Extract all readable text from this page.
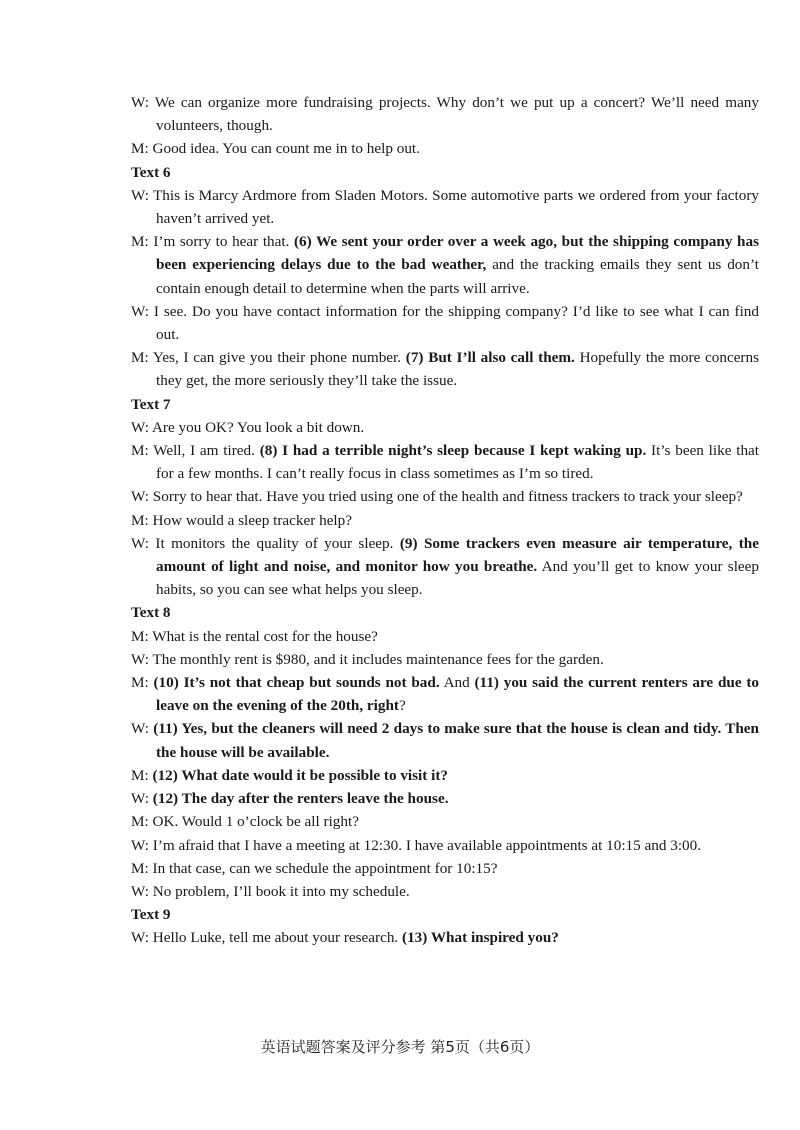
W: We can organize more fundraising projects. Why don’t we put up a concert? We’ll need many volunteers, though.

M: Good idea. You can count me in to help out.

Text 6

W: This is Marcy Ardmore from Sladen Motors. Some automotive parts we ordered from your factory haven’t arrived yet.

M: I’m sorry to hear that. (6) We sent your order over a week ago, but the shipping company has been experiencing delays due to the bad weather, and the tracking emails they sent us don’t contain enough detail to determine when the parts will arrive.

W: I see. Do you have contact information for the shipping company? I’d like to see what I can find out.

M: Yes, I can give you their phone number. (7) But I’ll also call them. Hopefully the more concerns they get, the more seriously they’ll take the issue.

Text 7

W: Are you OK? You look a bit down.

M: Well, I am tired. (8) I had a terrible night’s sleep because I kept waking up. It’s been like that for a few months. I can’t really focus in class sometimes as I’m so tired.

W: Sorry to hear that. Have you tried using one of the health and fitness trackers to track your sleep?

M: How would a sleep tracker help?

W: It monitors the quality of your sleep. (9) Some trackers even measure air temperature, the amount of light and noise, and monitor how you breathe. And you’ll get to know your sleep habits, so you can see what helps you sleep.

Text 8

M: What is the rental cost for the house?

W: The monthly rent is $980, and it includes maintenance fees for the garden.

M: (10) It’s not that cheap but sounds not bad. And (11) you said the current renters are due to leave on the evening of the 20th, right?

W: (11) Yes, but the cleaners will need 2 days to make sure that the house is clean and tidy. Then the house will be available.

M: (12) What date would it be possible to visit it?

W: (12) The day after the renters leave the house.

M: OK. Would 1 o’clock be all right?

W: I’m afraid that I have a meeting at 12:30. I have available appointments at 10:15 and 3:00.

M: In that case, can we schedule the appointment for 10:15?

W: No problem, I’ll book it into my schedule.

Text 9

W: Hello Luke, tell me about your research. (13) What inspired you?

英语试题答案及评分参考 第5页（共6页）
